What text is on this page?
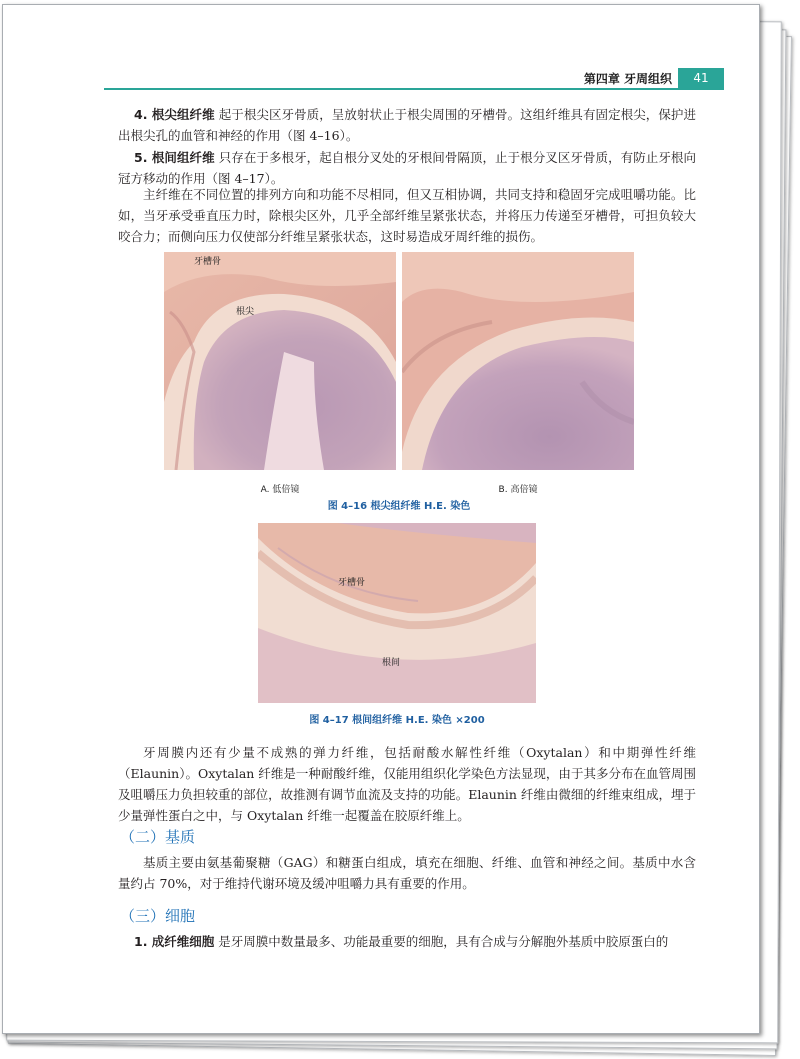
第四章 牙周组织	41

4. 根尖组纤维 起于根尖区牙骨质，呈放射状止于根尖周围的牙槽骨。这组纤维具有固定根尖，保护进出根尖孔的血管和神经的作用（图 4–16）。

5. 根间组纤维 只存在于多根牙，起自根分叉处的牙根间骨隔顶，止于根分叉区牙骨质，有防止牙根向冠方移动的作用（图 4–17）。

主纤维在不同位置的排列方向和功能不尽相同，但又互相协调，共同支持和稳固牙完成咀嚼功能。比如，当牙承受垂直压力时，除根尖区外，几乎全部纤维呈紧张状态，并将压力传递至牙槽骨，可担负较大咬合力；而侧向压力仅使部分纤维呈紧张状态，这时易造成牙周纤维的损伤。

牙槽骨
根尖
A. 低倍镜	B. 高倍镜
图 4–16 根尖组纤维 H.E. 染色
牙槽骨
根间
图 4–17 根间组纤维 H.E. 染色 ×200

牙周膜内还有少量不成熟的弹力纤维，包括耐酸水解性纤维（Oxytalan）和中期弹性纤维（Elaunin）。Oxytalan 纤维是一种耐酸纤维，仅能用组织化学染色方法显现，由于其多分布在血管周围及咀嚼压力负担较重的部位，故推测有调节血流及支持的功能。Elaunin 纤维由微细的纤维束组成，埋于少量弹性蛋白之中，与 Oxytalan 纤维一起覆盖在胶原纤维上。

（二）基质

基质主要由氨基葡聚糖（GAG）和糖蛋白组成，填充在细胞、纤维、血管和神经之间。基质中水含量约占 70%，对于维持代谢环境及缓冲咀嚼力具有重要的作用。

（三）细胞

1. 成纤维细胞 是牙周膜中数量最多、功能最重要的细胞，具有合成与分解胞外基质中胶原蛋白的
